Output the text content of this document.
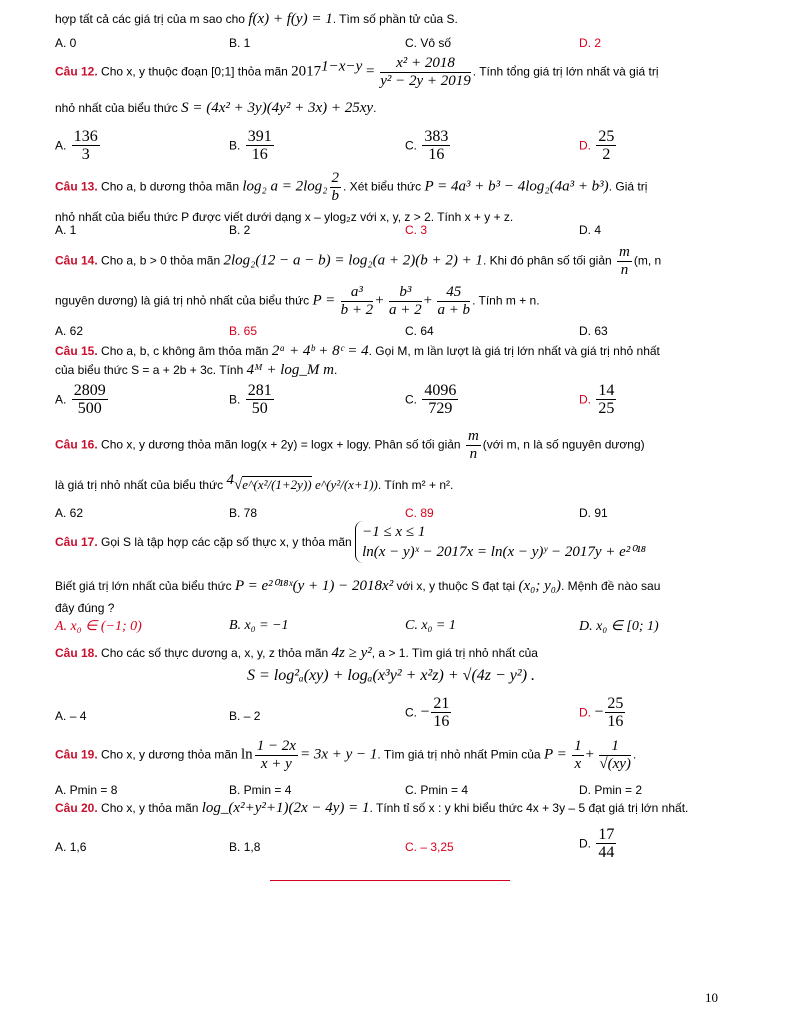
hợp tất cả các giá trị của m sao cho f(x) + f(y) = 1. Tìm số phần tử của S.
A. 0	B. 1	C. Vô số	D. 2
Câu 12. Cho x, y thuộc đoạn [0;1] thỏa mãn $2017^{1-x-y} = \frac{\text{x² + 2018}}{\text{y² − 2y + 2019}}$ . Tính tổng giá trị lớn nhất và giá trị
nhỏ nhất của biểu thức S = (4x² + 3y)(4y² + 3x) + 25xy.
A. $\frac{136}{3}$	B. $\frac{391}{16}$	C. $\frac{383}{16}$	D. $\frac{25}{2}$
Câu 13. Cho a, b dương thỏa mãn log₂ $a = 2\log_2 \frac{2}{b}$ . Xét biểu thức P = 4a³ + b³ − 4log₂(4a³ + b³). Giá trị
nhỏ nhất của biểu thức P được viết dưới dạng x – ylog₂z với x, y, z > 2. Tính x + y + z.
A. 1	B. 2	C. 3	D. 4
Câu 14. Cho a, b > 0 thỏa mãn 2log₂(12 − a − b) = log₂(a + 2)(b + 2) + 1. Khi đó phân số tối giản $\frac{m}{n} (m$, n
nguyên dương) là giá trị nhỏ nhất của biểu thức $P = \frac{\text{a³}}{b + 2} + \frac{\text{b³}}{a + 2} + \frac{45}{a + b}$ . Tính m + n.
A. 62	B. 65	C. 64	D. 63
Câu 15. Cho a, b, c không âm thỏa mãn 2ᵃ + 4ᵇ + 8ᶜ = 4. Gọi M, m lần lượt là giá trị lớn nhất và giá trị nhỏ nhất
của biểu thức S = a + 2b + 3c. Tính 4ᴹ + log_M m.
A. $\frac{2809}{500}$	B. $\frac{281}{50}$	C. $\frac{4096}{729}$	D. $\frac{14}{25}$
Câu 16. Cho x, y dương thỏa mãn log(x + 2y) = logx + logy. Phân số tối giản $\frac{m}{n}$ (với m, n là số nguyên dương)
là giá trị nhỏ nhất của biểu thức $^4$√e^(x²/(1+2y)) e^(y²/(x+1)). Tính m² + n².
A. 62	B. 78	C. 89	D. 91
Câu 17. Gọi S là tập hợp các cặp số thực x, y thỏa mãn
−1 ≤ x ≤ 1
ln(x − y)ˣ − 2017x = ln(x − y)ʸ − 2017y + e²⁰¹⁸
Biết giá trị lớn nhất của biểu thức P = e²⁰¹⁸ˣ(y + 1) − 2018x² với x, y thuộc S đạt tại (x₀; y₀). Mệnh đề nào sau
đây đúng ?
A. x₀ ∈ (−1; 0)	B. x₀ = −1	C. x₀ = 1	D. x₀ ∈ [0; 1)
Câu 18. Cho các số thực dương a, x, y, z thỏa mãn 4z ≥ y², a > 1. Tìm giá trị nhỏ nhất của
S = log²ₐ(xy) + logₐ(x³y² + x²z) + √(4z − y²) .
A. – 4	B. – 2	C. − $\frac{21}{16}$	D. − $\frac{25}{16}$
Câu 19. Cho x, y dương thỏa mãn $\ln \frac{1 - 2x}{x + y} = 3x + y - 1$. Tìm giá trị nhỏ nhất Pmin của $P = \frac{1}{x} + \frac{1}{√(xy)}$ .
A. Pmin = 8	B. Pmin = 4	C. Pmin = 4	D. Pmin = 2
Câu 20. Cho x, y thỏa mãn log_(x²+y²+1)(2x − 4y) = 1. Tính tỉ số x : y khi biểu thức 4x + 3y – 5 đạt giá trị lớn nhất.
A. 1,6	B. 1,8	C. – 3,25	D. $\frac{17}{44}$
10
